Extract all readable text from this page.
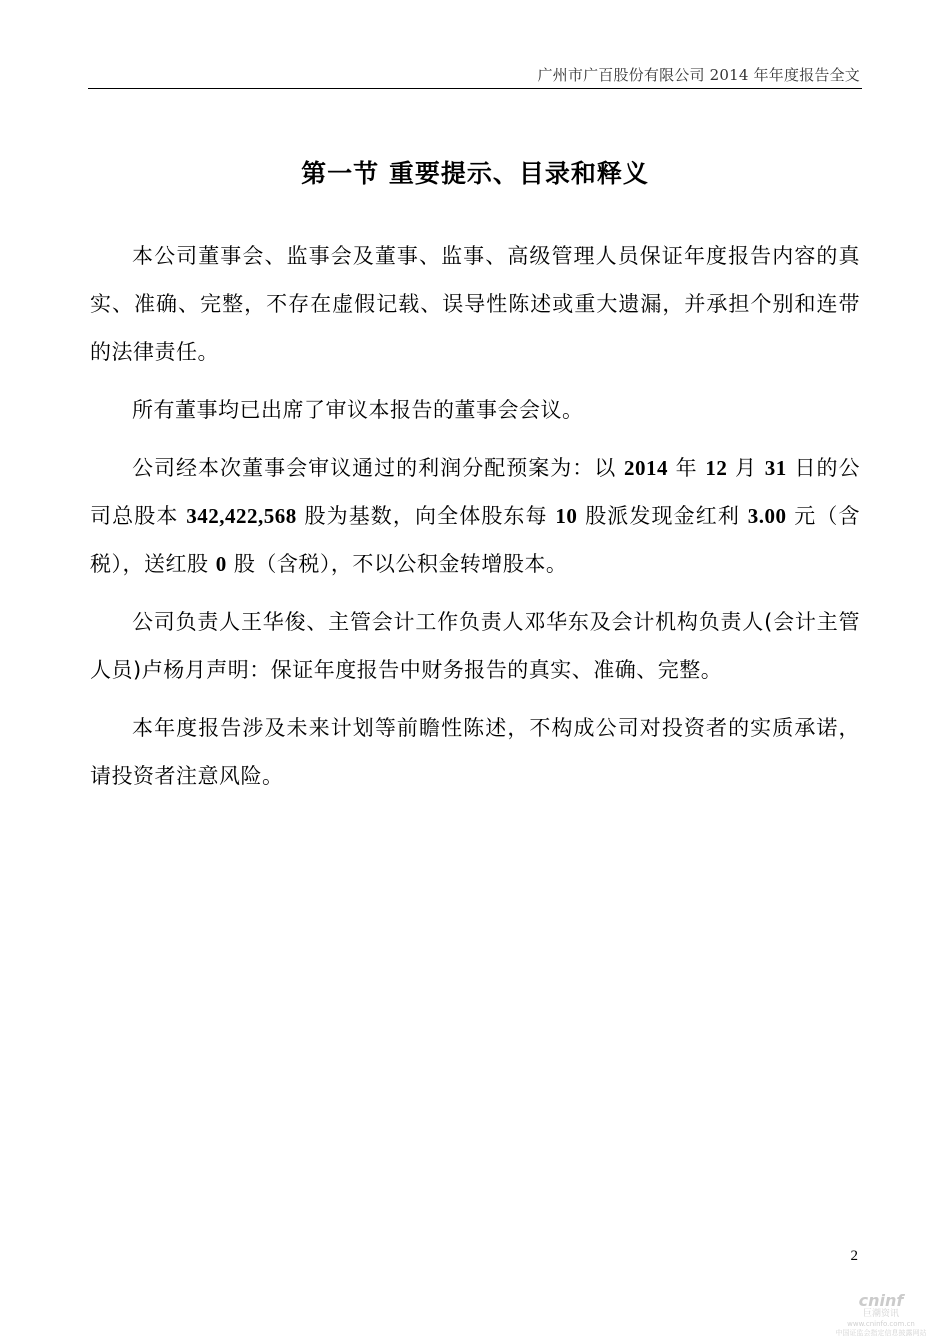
广州市广百股份有限公司 2014 年年度报告全文
第一节 重要提示、目录和释义

本公司董事会、监事会及董事、监事、高级管理人员保证年度报告内容的真实、准确、完整，不存在虚假记载、误导性陈述或重大遗漏，并承担个别和连带的法律责任。

所有董事均已出席了审议本报告的董事会会议。

公司经本次董事会审议通过的利润分配预案为：以 2014 年 12 月 31 日的公司总股本 342,422,568 股为基数，向全体股东每 10 股派发现金红利 3.00 元（含税），送红股 0 股（含税），不以公积金转增股本。

公司负责人王华俊、主管会计工作负责人邓华东及会计机构负责人(会计主管人员)卢杨月声明：保证年度报告中财务报告的真实、准确、完整。

本年度报告涉及未来计划等前瞻性陈述，不构成公司对投资者的实质承诺，请投资者注意风险。

2
cninf
巨潮资讯
www.cninfo.com.cn
中国证监会指定信息披露网站
